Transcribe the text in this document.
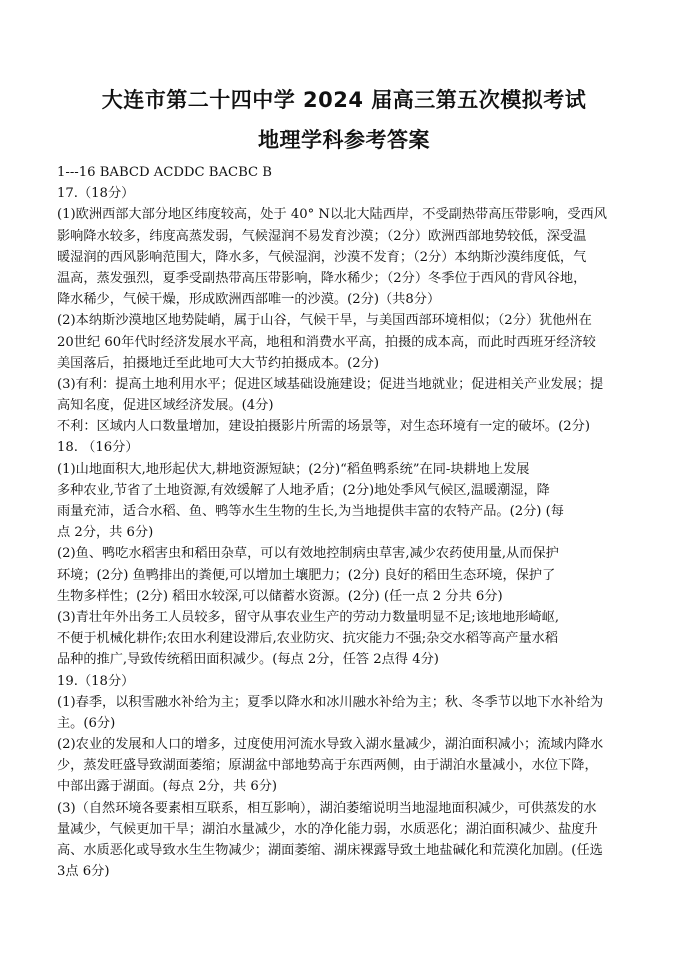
大连市第二十四中学 2024 届高三第五次模拟考试
地理学科参考答案
1---16 BABCD ACDDC BACBC B
17.（18分）
(1)欧洲西部大部分地区纬度较高，处于 40° N以北大陆西岸，不受副热带高压带影响，受西风
影响降水较多，纬度高蒸发弱，气候湿润不易发育沙漠；（2分）欧洲西部地势较低，深受温
暖湿润的西风影响范围大，降水多，气候湿润，沙漠不发育；（2分）本纳斯沙漠纬度低，气
温高，蒸发强烈，夏季受副热带高压带影响，降水稀少；（2分）冬季位于西风的背风谷地，
降水稀少，气候干燥，形成欧洲西部唯一的沙漠。(2分)（共8分）
(2)本纳斯沙漠地区地势陡峭，属于山谷，气候干旱，与美国西部环境相似；（2分）犹他州在
20世纪 60年代时经济发展水平高，地租和消费水平高，拍摄的成本高，而此时西班牙经济较
美国落后，拍摄地迁至此地可大大节约拍摄成本。(2分)
(3)有利：提高土地利用水平；促进区域基础设施建设；促进当地就业；促进相关产业发展；提
高知名度，促进区域经济发展。(4分)
不利：区域内人口数量增加，建设拍摄影片所需的场景等，对生态环境有一定的破坏。(2分)
18. （16分）
(1)山地面积大,地形起伏大,耕地资源短缺；(2分)“稻鱼鸭系统”在同-块耕地上发展
多种农业,节省了土地资源,有效缓解了人地矛盾；(2分)地处季风气候区,温暖潮湿，降
雨量充沛，适合水稻、鱼、鸭等水生生物的生长,为当地提供丰富的农特产品。(2分) (每
点 2分，共 6分)
(2)鱼、鸭吃水稻害虫和稻田杂草，可以有效地控制病虫草害,减少农药使用量,从而保护
环境；(2分) 鱼鸭排出的粪便,可以增加土壤肥力；(2分) 良好的稻田生态环境，保护了
生物多样性；(2分) 稻田水较深,可以储蓄水资源。(2分) (任一点 2 分共 6分)
(3)青壮年外出务工人员较多，留守从事农业生产的劳动力数量明显不足;该地地形崎岖,
不便于机械化耕作;农田水利建设滞后,农业防灾、抗灾能力不强;杂交水稻等高产量水稻
品种的推广,导致传统稻田面积减少。(每点 2分，任答 2点得 4分)
19.（18分）
(1)春季，以积雪融水补给为主；夏季以降水和冰川融水补给为主；秋、冬季节以地下水补给为
主。(6分)
(2)农业的发展和人口的增多，过度使用河流水导致入湖水量减少，湖泊面积减小；流域内降水
少，蒸发旺盛导致湖面萎缩；原湖盆中部地势高于东西两侧，由于湖泊水量减小，水位下降，
中部出露于湖面。(每点 2分，共 6分)
(3)（自然环境各要素相互联系，相互影响），湖泊萎缩说明当地湿地面积减少，可供蒸发的水
量减少，气候更加干旱；湖泊水量减少，水的净化能力弱，水质恶化；湖泊面积减少、盐度升
高、水质恶化或导致水生生物减少；湖面萎缩、湖床裸露导致土地盐碱化和荒漠化加剧。(任选
3点 6分)
